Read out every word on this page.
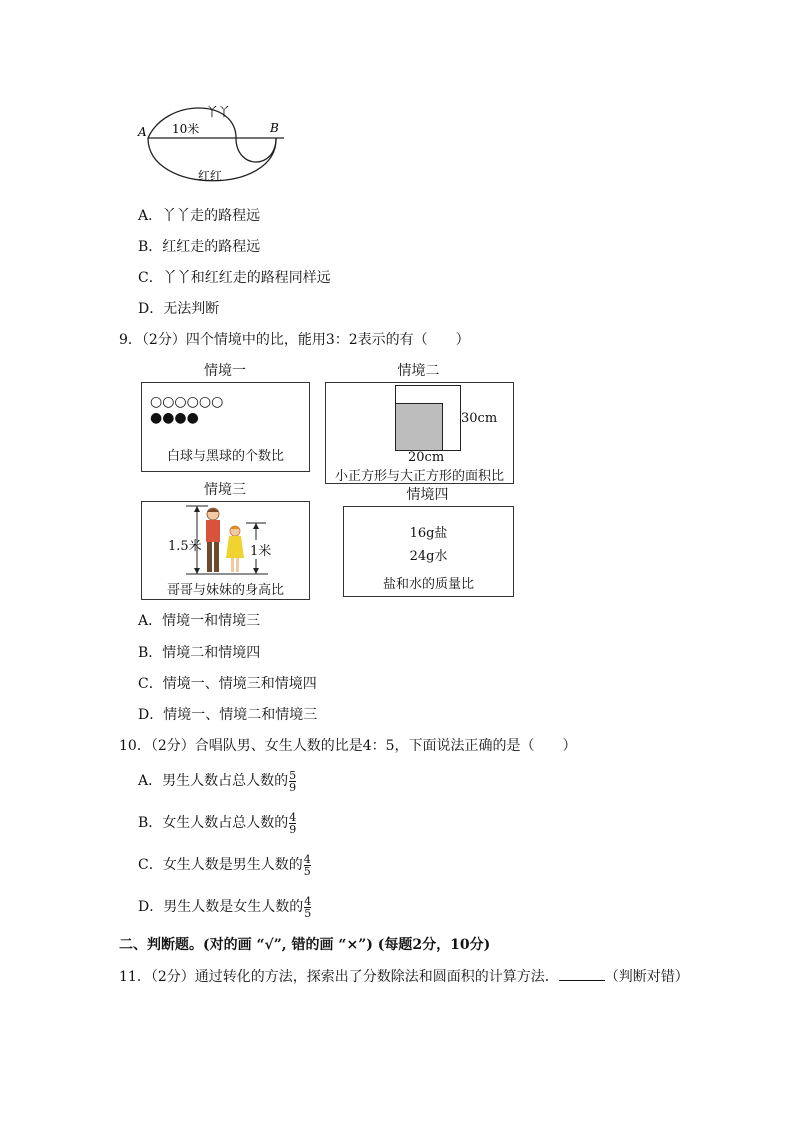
A	B
10米
丫丫
红红
A．丫丫走的路程远
B．红红走的路程远
C．丫丫和红红走的路程同样远
D．无法判断
9．（2分）四个情境中的比，能用3：2表示的有（　　）
情境一
○○○○○○
●●●●
白球与黑球的个数比
情境二
30cm
20cm
小正方形与大正方形的面积比
情境三
1.5米	1米
哥哥与妹妹的身高比
情境四
16g盐
24g水
盐和水的质量比
A．情境一和情境三
B．情境二和情境四
C．情境一、情境三和情境四
D．情境一、情境二和情境三
10．（2分）合唱队男、女生人数的比是4：5，下面说法正确的是（　　）
A．男生人数占总人数的 $\frac{5}{9}$
B．女生人数占总人数的 $\frac{4}{9}$
C．女生人数是男生人数的 $\frac{4}{5}$
D．男生人数是女生人数的 $\frac{4}{5}$
二、判断题。(对的画 “√”, 错的画 “×”) (每题2分，10分)
11．（2分）通过转化的方法，探索出了分数除法和圆面积的计算方法．	（判断对错）
